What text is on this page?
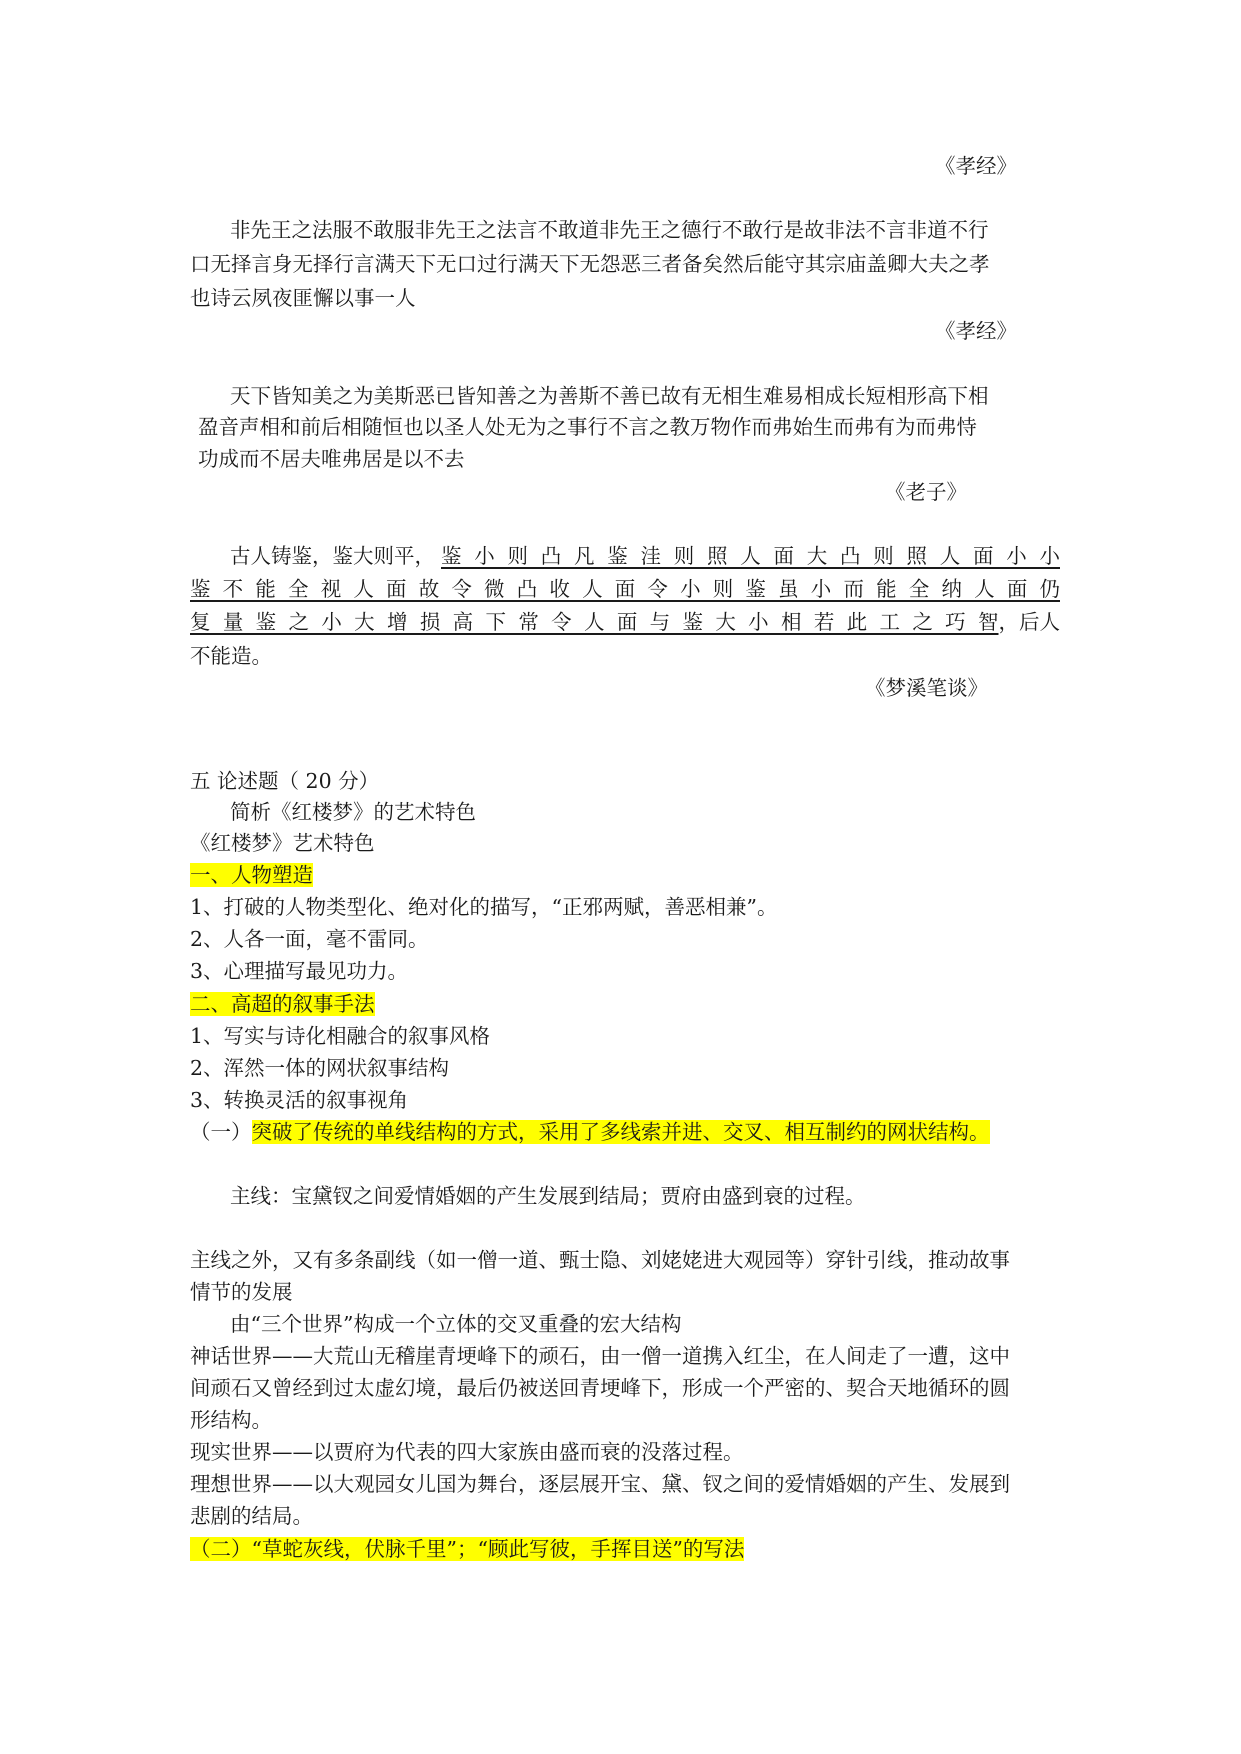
《孝经》
非先王之法服不敢服非先王之法言不敢道非先王之德行不敢行是故非法不言非道不行
口无择言身无择行言满天下无口过行满天下无怨恶三者备矣然后能守其宗庙盖卿大夫之孝
也诗云夙夜匪懈以事一人
《孝经》
天下皆知美之为美斯恶已皆知善之为善斯不善已故有无相生难易相成长短相形高下相
盈音声相和前后相随恒也以圣人处无为之事行不言之教万物作而弗始生而弗有为而弗恃
功成而不居夫唯弗居是以不去
《老子》
古人铸鉴，鉴大则平， 鉴 小 则 凸 凡 鉴 洼 则 照 人 面 大 凸 则 照 人 面 小 小
鉴 不 能 全 视 人 面 故 令 微 凸 收 人 面 令 小 则 鉴 虽 小 而 能 全 纳 人 面 仍
复 量 鉴 之 小 大 增 损 高 下 常 令 人 面 与 鉴 大 小 相 若 此 工 之 巧 智 ，后人
不能造。
《梦溪笔谈》
五 论述题（ 20 分）
简析《红楼梦》的艺术特色
《红楼梦》艺术特色
一、人物塑造
1、打破的人物类型化、绝对化的描写，“正邪两赋，善恶相兼”。
2、人各一面，毫不雷同。
3、心理描写最见功力。
二、高超的叙事手法
1、写实与诗化相融合的叙事风格
2、浑然一体的网状叙事结构
3、转换灵活的叙事视角
（一）突破了传统的单线结构的方式，采用了多线索并进、交叉、相互制约的网状结构。
主线：宝黛钗之间爱情婚姻的产生发展到结局；贾府由盛到衰的过程。
主线之外，又有多条副线（如一僧一道、甄士隐、刘姥姥进大观园等）穿针引线，推动故事
情节的发展
由“三个世界”构成一个立体的交叉重叠的宏大结构
神话世界——大荒山无稽崖青埂峰下的顽石，由一僧一道携入红尘，在人间走了一遭，这中
间顽石又曾经到过太虚幻境，最后仍被送回青埂峰下，形成一个严密的、契合天地循环的圆
形结构。
现实世界——以贾府为代表的四大家族由盛而衰的没落过程。
理想世界——以大观园女儿国为舞台，逐层展开宝、黛、钗之间的爱情婚姻的产生、发展到
悲剧的结局。
（二）“草蛇灰线，伏脉千里”；“顾此写彼，手挥目送”的写法
